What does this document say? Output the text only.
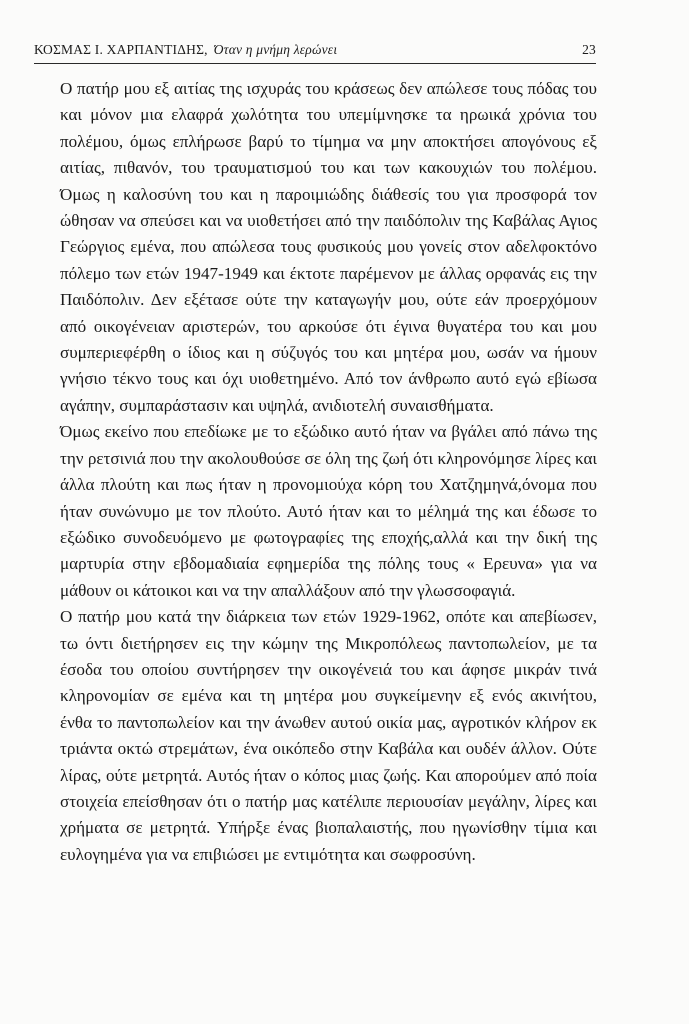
ΚΟΣΜΑΣ Ι. ΧΑΡΠΑΝΤΙΔΗΣ, Όταν η μνήμη λερώνει	23

Ο πατήρ μου εξ αιτίας της ισχυράς του κράσεως δεν απώλεσε τους πόδας του και μόνον μια ελαφρά χωλότητα του υπεμίμνησκε τα ηρωικά χρόνια του πολέμου, όμως επλήρωσε βαρύ το τίμημα να μην αποκτήσει απογόνους εξ αιτίας, πιθανόν, του τραυματισμού του και των κακουχιών του πολέμου. Όμως η καλοσύνη του και η παροιμιώδης διάθεσίς του για προσφορά τον ώθησαν να σπεύσει και να υιοθετήσει από την παιδόπολιν της Καβάλας Αγιος Γεώργιος εμένα, που απώλεσα τους φυσικούς μου γονείς στον αδελφοκτόνο πόλεμο των ετών 1947-1949 και έκτοτε παρέμενον με άλλας ορφανάς εις την Παιδόπολιν. Δεν εξέτασε ούτε την καταγωγήν μου, ούτε εάν προερχόμουν από οικογένειαν αριστερών, του αρκούσε ότι έγινα θυγατέρα του και μου συμπεριεφέρθη ο ίδιος και η σύζυγός του και μητέρα μου, ωσάν να ήμουν γνήσιο τέκνο τους και όχι υιοθετημένο. Από τον άνθρωπο αυτό εγώ εβίωσα αγάπην, συμπαράστασιν και υψηλά, ανιδιοτελή συναισθήματα.

Όμως εκείνο που επεδίωκε με το εξώδικο αυτό ήταν να βγάλει από πάνω της την ρετσινιά που την ακολουθούσε σε όλη της ζωή ότι κληρονόμησε λίρες και άλλα πλούτη και πως ήταν η προνομιούχα κόρη του Χατζημηνά,όνομα που ήταν συνώνυμο με τον πλούτο. Αυτό ήταν και το μέλημά της και έδωσε το εξώδικο συνοδευόμενο με φωτογραφίες της εποχής,αλλά και την δική της μαρτυρία στην εβδομαδιαία εφημερίδα της πόλης τους « Ερευνα» για να μάθουν οι κάτοικοι και να την απαλλάξουν από την γλωσσοφαγιά.

Ο πατήρ μου κατά την διάρκεια των ετών 1929-1962, οπότε και απεβίωσεν, τω όντι διετήρησεν εις την κώμην της Μικροπόλεως παντοπωλείον, με τα έσοδα του οποίου συντήρησεν την οικογένειά του και άφησε μικράν τινά κληρονομίαν σε εμένα και τη μητέρα μου συγκείμενην εξ ενός ακινήτου, ένθα το παντοπωλείον και την άνωθεν αυτού οικία μας, αγροτικόν κλήρον εκ τριάντα οκτώ στρεμάτων, ένα οικόπεδο στην Καβάλα και ουδέν άλλον. Ούτε λίρας, ούτε μετρητά. Αυτός ήταν ο κόπος μιας ζωής. Και απορούμεν από ποία στοιχεία επείσθησαν ότι ο πατήρ μας κατέλιπε περιουσίαν μεγάλην, λίρες και χρήματα σε μετρητά. Υπήρξε ένας βιοπαλαιστής, που ηγωνίσθην τίμια και ευλογημένα για να επιβιώσει με εντιμότητα και σωφροσύνη.
